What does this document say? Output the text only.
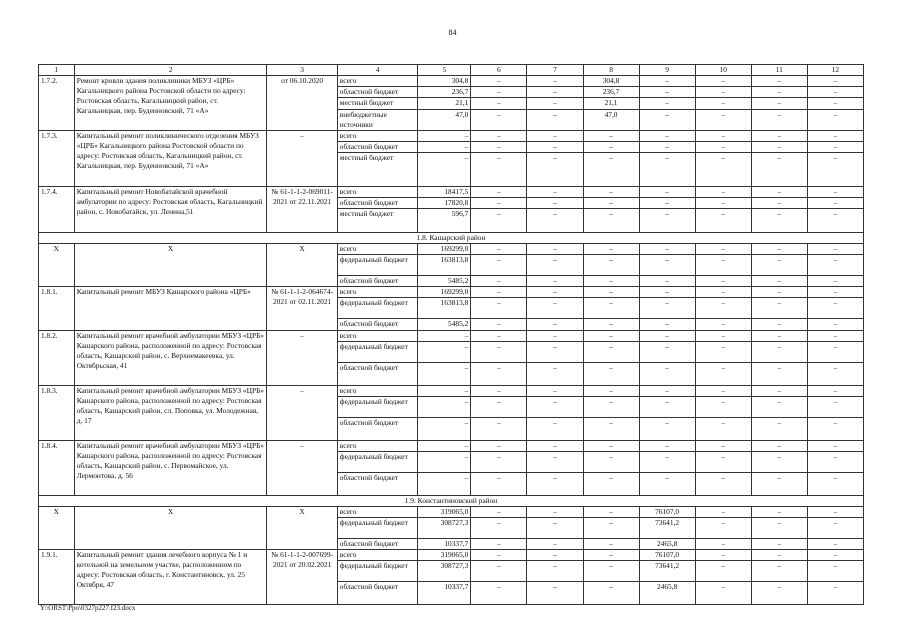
84
1	2	3	4	5	6	7	8	9	10	11	12
1.7.2.	Ремонт кровли здания поликлиники МБУЗ «ЦРБ» Кагальницкого района Ростовской области по адресу: Ростовская область, Кагальницкий район, ст. Кагальницкая, пер. Буденновский, 71 «А»	от 06.10.2020	всего	304,8	–	–	304,8	–	–	–	–
			областной бюджет	236,7	–	–	236,7	–	–	–	–
			местный бюджет	21,1	–	–	21,1	–	–	–	–
			внебюджетные источники	47,0	–	–	47,0	–	–	–	–
1.7.3.	Капитальный ремонт поликлинического отделения МБУЗ «ЦРБ» Кагальницкого района Ростовской области по адресу: Ростовская область, Кагальницкий район, ст. Кагальницкая, пер. Буденновский, 71 «А»	–	всего	–	–	–	–	–	–	–	–
			областной бюджет	–	–	–	–	–	–	–	–
			местный бюджет	–	–	–	–	–	–	–	–
1.7.4.	Капитальный ремонт Новобатайской врачебной амбулатории по адресу: Ростовская область, Кагальницкий район, с. Новобатайск, ул. Ленина,51	№ 61-1-1-2-069011-2021 от 22.11.2021	всего	18417,5	–	–	–	–	–	–	–
			областной бюджет	17820,8	–	–	–	–	–	–	–
			местный бюджет	596,7	–	–	–	–	–	–	–
1.8. Кашарский район											
Х	Х	Х	всего	169299,0	–	–	–	–	–	–	–
			федеральный бюджет	163813,8	–	–	–	–	–	–	–
			областной бюджет	5485,2	–	–	–	–	–	–	–
1.8.1.	Капитальный ремонт МБУЗ Кашарского района «ЦРБ»	№ 61-1-1-2-064674-2021 от 02.11.2021	всего	169299,0	–	–	–	–	–	–	–
			федеральный бюджет	163813,8	–	–	–	–	–	–	–
			областной бюджет	5485,2	–	–	–	–	–	–	–
1.8.2.	Капитальный ремонт врачебной амбулатории МБУЗ «ЦРБ» Кашарского района, расположенной по адресу: Ростовская область, Кашарский район, с. Верхнемакеевка, ул. Октябрьская, 41	–	всего	–	–	–	–	–	–	–	–
			федеральный бюджет	–	–	–	–	–	–	–	–
			областной бюджет	–	–	–	–	–	–	–	–
1.8.3.	Капитальный ремонт врачебной амбулатории МБУЗ «ЦРБ» Кашарского района, расположенной по адресу: Ростовская область, Кашарский район, сл. Поповка, ул. Молодежная, д. 17	–	всего	–	–	–	–	–	–	–	–
			федеральный бюджет	–	–	–	–	–	–	–	–
			областной бюджет	–	–	–	–	–	–	–	–
1.8.4.	Капитальный ремонт врачебной амбулатории МБУЗ «ЦРБ» Кашарского района, расположенной по адресу: Ростовская область, Кашарский район, с. Первомайское, ул. Лермонтова, д. 56	–	всего	–	–	–	–	–	–	–	–
			федеральный бюджет	–	–	–	–	–	–	–	–
			областной бюджет	–	–	–	–	–	–	–	–
1.9. Константиновский район											
Х	Х	Х	всего	319065,0	–	–	–	76107,0	–	–	–
			федеральный бюджет	308727,3	–	–	–	73641,2	–	–	–
			областной бюджет	10337,7	–	–	–	2465,8	–	–	–
1.9.1.	Капитальный ремонт здания лечебного корпуса № 1 и котельной на земельном участке, расположенном по адресу: Ростовская область, г. Константиновск, ул. 25 Октября, 47	№ 61-1-1-2-007699-2021 от 20.02.2021	всего	319065,0	–	–	–	76107,0	–	–	–
			федеральный бюджет	308727,3	–	–	–	73641,2	–	–	–
			областной бюджет	10337,7	–	–	–	2465,8	–	–	–
Y:\ORST\Ppo\0327p227.f23.docx
